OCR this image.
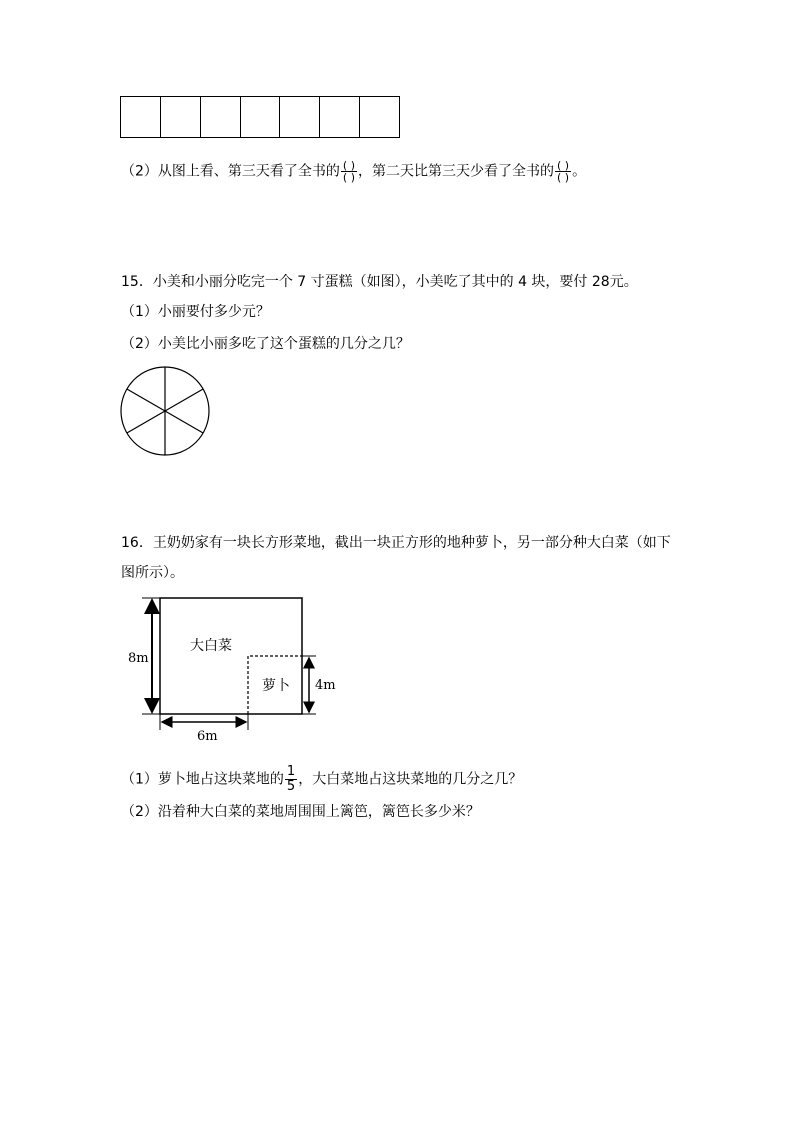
（2）从图上看、第三天看了全书的 $\frac{( )}{( )}$ ，第二天比第三天少看了全书的 $\frac{( )}{( )}$ 。
15．小美和小丽分吃完一个 7 寸蛋糕（如图），小美吃了其中的 4 块，要付 28元。
（1）小丽要付多少元？
（2）小美比小丽多吃了这个蛋糕的几分之几？
16．王奶奶家有一块长方形菜地，截出一块正方形的地种萝卜，另一部分种大白菜（如下
图所示）。
大白菜
萝卜
8m
4m
6m
（1）萝卜地占这块菜地的 $\frac{1}{5}$ ，大白菜地占这块菜地的几分之几？
（2）沿着种大白菜的菜地周围围上篱笆，篱笆长多少米？
